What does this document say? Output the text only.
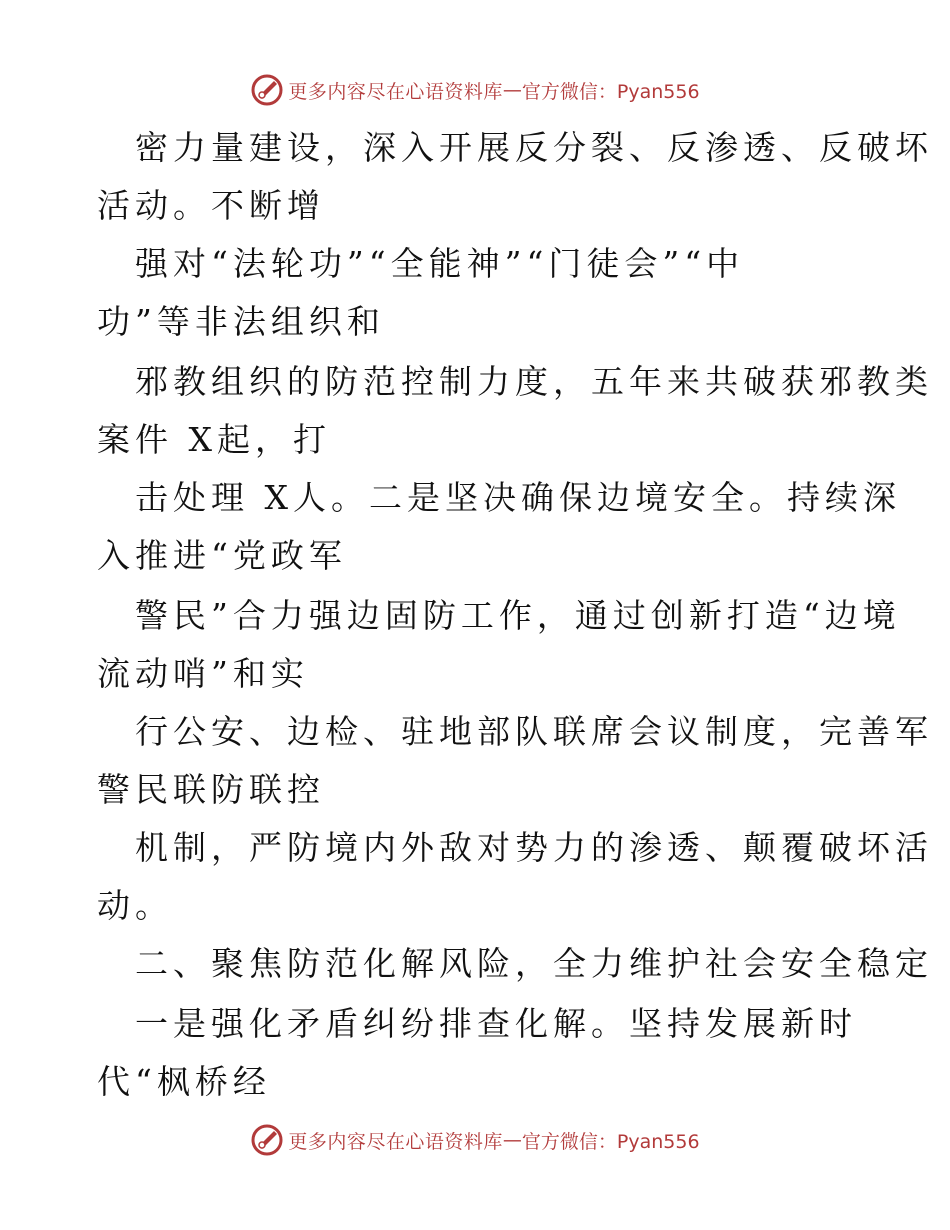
更多内容尽在心语资料库 — 官方微信：Pyan556
　密力量建设，深入开展反分裂、反渗透、反破坏
活动。不断增
　强对“法轮功”“全能神”“门徒会”“中
功”等非法组织和
　邪教组织的防范控制力度，五年来共破获邪教类
案件 X起，打
　击处理 X人。二是坚决确保边境安全。持续深
入推进“党政军
　警民”合力强边固防工作，通过创新打造“边境
流动哨”和实
　行公安、边检、驻地部队联席会议制度，完善军
警民联防联控
　机制，严防境内外敌对势力的渗透、颠覆破坏活
动。
　二、聚焦防范化解风险，全力维护社会安全稳定
　一是强化矛盾纠纷排查化解。坚持发展新时
代“枫桥经
更多内容尽在心语资料库 — 官方微信：Pyan556
